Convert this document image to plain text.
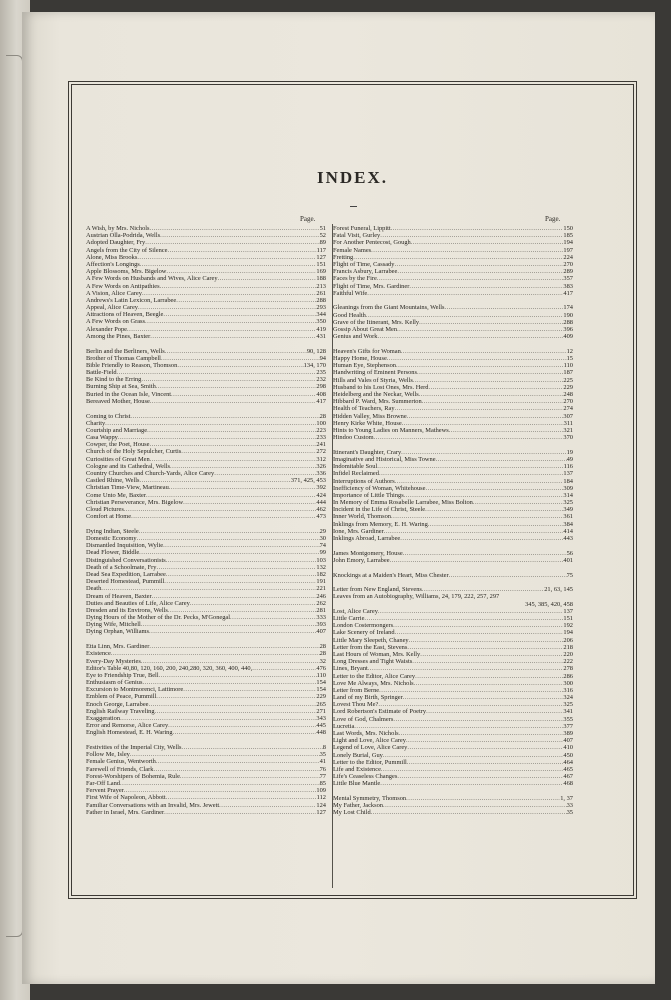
INDEX.
Page.	Page.
A Wish, by Mrs. Nichols .....	51
Austrian Olla-Podrida, Wells .....	52
Adopted Daughter, Fry .....	89
Angels from the City of Silence .....	117
Alone, Miss Brooks .....	127
Affection's Longings .....	151
Apple Blossoms, Mrs. Bigelow .....	169
A Few Words on Husbands and Wives, Alice Carey .....	188
A Few Words on Antipathies .....	213
A Vision, Alice Carey .....	261
Andrews's Latin Lexicon, Larrabee .....	288
Appeal, Alice Carey .....	293
Attractions of Heaven, Beegle .....	344
A Few Words on Grass .....	350
Alexander Pope .....	419
Among the Pines, Baxter .....	431
Berlin and the Berliners, Wells .....	90, 128
Brother of Thomas Campbell .....	94
Bible Friendly to Reason, Thomson .....	134, 170
Battle-Field .....	235
Be Kind to the Erring .....	232
Burning Ship at Sea, Smith .....	298
Buried in the Ocean Isle, Vincent .....	408
Bereaved Mother, House .....	417
Coming to Christ .....	28
Charity .....	100
Courtship and Marriage .....	223
Casa Wappy .....	233
Cowper, the Poet, House .....	241
Church of the Holy Sepulcher, Curtis .....	272
Curiosities of Great Men .....	312
Cologne and its Cathedral, Wells .....	326
Country Churches and Church-Yards, Alice Carey .....	336
Castled Rhine, Wells .....	371, 425, 453
Christian Time-View, Martineau .....	392
Come Unto Me, Baxter .....	424
Christian Perseverance, Mrs. Bigelow .....	444
Cloud Pictures .....	462
Comfort at Home .....	473
Dying Indian, Steele .....	29
Domestic Economy .....	30
Dismantled Inquisition, Wylie .....	74
Dead Flower, Biddle .....	99
Distinguished Conversationists .....	103
Death of a Schoolmate, Fry .....	132
Dead Sea Expedition, Larrabee .....	182
Deserted Homestead, Pummill .....	191
Death .....	221
Dream of Heaven, Baxter .....	246
Duties and Beauties of Life, Alice Carey .....	262
Dresden and its Environs, Wells .....	281
Dying Hours of the Mother of the Dr. Pecks, M'Gonegal .....	333
Dying Wife, Mitchell .....	393
Dying Orphan, Williams .....	407
Etta Linn, Mrs. Gardiner .....	28
Existence .....	28
Every-Day Mysteries .....	32
Editor's Table 40,80, 120, 160, 200, 240,280, 320, 360, 400, 440, .....	476
Eye to Friendship True, Bell .....	110
Enthusiasm of Genius .....	154
Excursion to Montmorenci, Lattimore .....	154
Emblem of Peace, Pummill .....	229
Enoch George, Larrabee .....	265
English Railway Traveling .....	271
Exaggeration .....	343
Error and Remorse, Alice Carey .....	445
English Homestead, E. H. Waring .....	448
Festivities of the Imperial City, Wells .....	8
Follow Me, Isley .....	35
Female Genius, Wentworth .....	41
Farewell of Friends, Clark .....	76
Forest-Worshipers of Bohemia, Rule .....	77
Far-Off Land .....	85
Fervent Prayer .....	109
First Wife of Napoleon, Abbott .....	112
Familiar Conversations with an Invalid, Mrs. Jewett .....	124
Father in Israel, Mrs. Gardiner .....	127
Forest Funeral, Lippitt .....	150
Fatal Visit, Gurley .....	185
For Another Pentecost, Gough .....	194
Female Names .....	197
Fretting .....	224
Flight of Time, Cassady .....	270
Francis Asbury, Larrabee .....	289
Faces by the Fire .....	357
Flight of Time, Mrs. Gardiner .....	383
Faithful Wife .....	417
Gleanings from the Giant Mountains, Wells .....	174
Good Health .....	190
Grave of the Itinerant, Mrs. Kelly .....	288
Gossip About Great Men .....	396
Genius and Work .....	409
Heaven's Gifts for Woman .....	12
Happy Home, House .....	15
Human Eye, Stephenson .....	110
Handwriting of Eminent Persons .....	187
Hills and Vales of Styria, Wells .....	225
Husband to his Lost Ones, Mrs. Herd .....	229
Heidelberg and the Neckar, Wells .....	248
Hibbard P. Ward, Mrs. Summerton .....	270
Health of Teachers, Ray .....	274
Hidden Valley, Miss Browne .....	307
Henry Kirke White, House .....	311
Hints to Young Ladies on Manners, Mathews .....	321
Hindoo Custom .....	370
Itinerant's Daughter, Crary .....	19
Imaginative and Historical, Miss Towne .....	49
Indomitable Soul .....	116
Infidel Reclaimed .....	137
Interruptions of Authors .....	184
Inefficiency of Woman, Whitehouse .....	309
Importance of Little Things .....	314
In Memory of Emma Rosabelle Larrabee, Miss Bolton .....	325
Incident in the Life of Christ, Steele .....	349
Inner World, Thomson .....	361
Inklings from Memory, E. H. Waring .....	384
Ione, Mrs. Gardiner .....	414
Inklings Abroad, Larrabee .....	443
James Montgomery, House .....	56
John Emory, Larrabee .....	401
Knockings at a Maiden's Heart, Miss Chester .....	75
Letter from New England, Stevens .....	21, 63, 145
Leaves from an Autobiography, Williams, 24, 179, 222, 257, 297
345, 385, 420, 458
Lost, Alice Carey .....	137
Little Carrie .....	151
London Costermongers .....	192
Lake Scenery of Ireland .....	194
Little Mary Sleepeth, Chaney .....	206
Letter from the East, Stevens .....	218
Last Hours of Woman, Mrs. Kelly .....	220
Long Dresses and Tight Waists .....	222
Lines, Bryant .....	278
Letter to the Editor, Alice Carey .....	286
Love Me Always, Mrs. Nichols .....	300
Letter from Berne .....	316
Land of my Birth, Springer .....	324
Lovest Thou Me? .....	325
Lord Robertson's Estimate of Poetry .....	341
Love of God, Chalmers .....	355
Lucretia .....	377
Last Words, Mrs. Nichols .....	389
Light and Love, Alice Carey .....	407
Legend of Love, Alice Carey .....	410
Lonely Burial, Guy .....	450
Letter to the Editor, Pummill .....	464
Life and Existence .....	465
Life's Ceaseless Changes .....	467
Little Blue Mantle .....	468
Mental Symmetry, Thomson .....	1, 37
My Father, Jackson .....	33
My Lost Child .....	35
